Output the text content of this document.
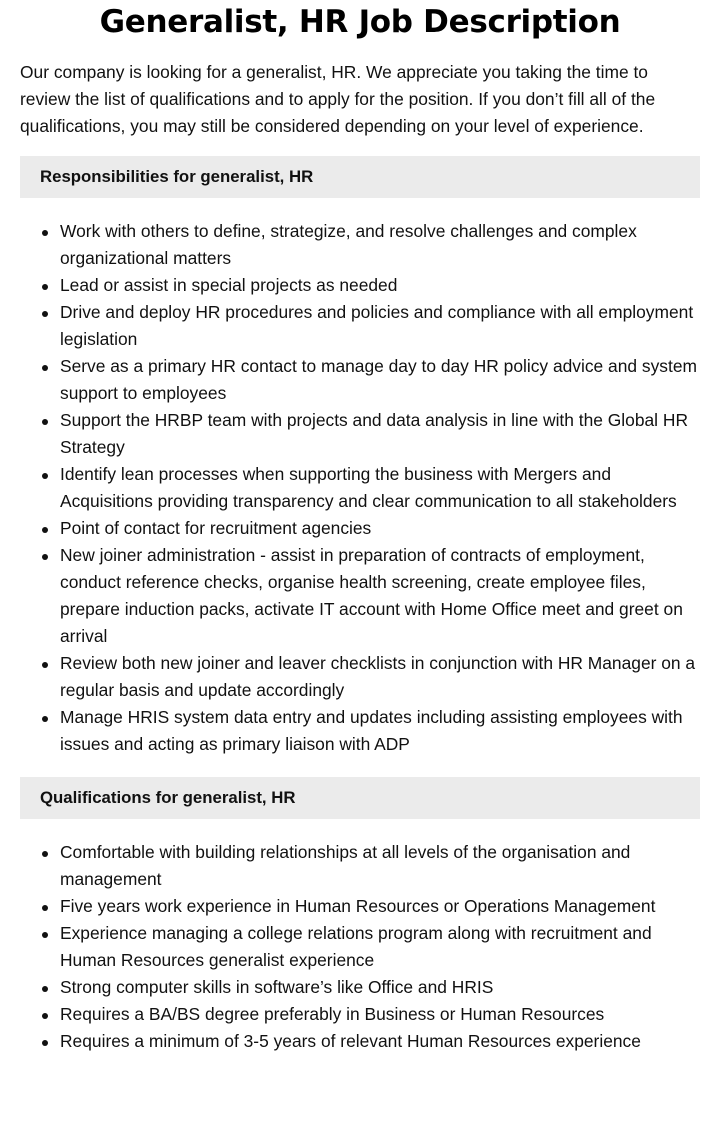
Generalist, HR Job Description

Our company is looking for a generalist, HR. We appreciate you taking the time to review the list of qualifications and to apply for the position. If you don’t fill all of the qualifications, you may still be considered depending on your level of experience.

Responsibilities for generalist, HR
Work with others to define, strategize, and resolve challenges and complex organizational matters
Lead or assist in special projects as needed
Drive and deploy HR procedures and policies and compliance with all employment legislation
Serve as a primary HR contact to manage day to day HR policy advice and system support to employees
Support the HRBP team with projects and data analysis in line with the Global HR Strategy
Identify lean processes when supporting the business with Mergers and Acquisitions providing transparency and clear communication to all stakeholders
Point of contact for recruitment agencies
New joiner administration - assist in preparation of contracts of employment, conduct reference checks, organise health screening, create employee files, prepare induction packs, activate IT account with Home Office meet and greet on arrival
Review both new joiner and leaver checklists in conjunction with HR Manager on a regular basis and update accordingly
Manage HRIS system data entry and updates including assisting employees with issues and acting as primary liaison with ADP
Qualifications for generalist, HR
Comfortable with building relationships at all levels of the organisation and management
Five years work experience in Human Resources or Operations Management
Experience managing a college relations program along with recruitment and Human Resources generalist experience
Strong computer skills in software’s like Office and HRIS
Requires a BA/BS degree preferably in Business or Human Resources
Requires a minimum of 3-5 years of relevant Human Resources experience
